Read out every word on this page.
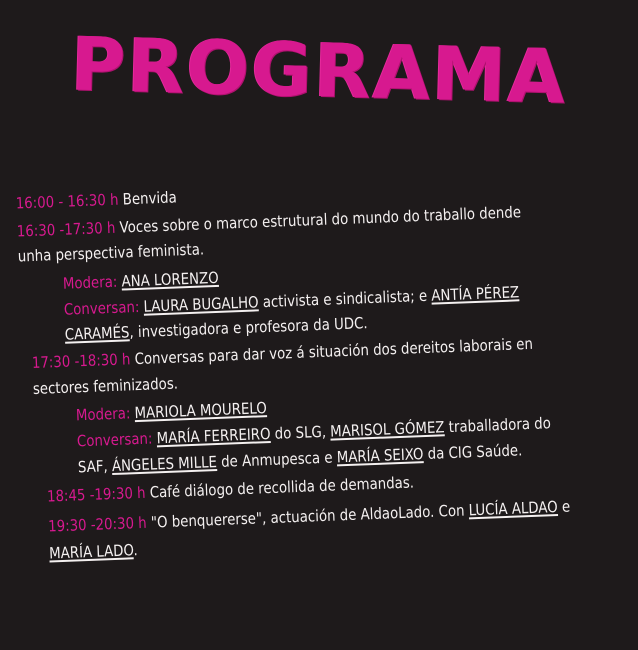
PROGRAMA
16:00 - 16:30 h Benvida
16:30 -17:30 h Voces sobre o marco estrutural do mundo do traballo dende
unha perspectiva feminista.
Modera: ANA LORENZO
Conversan: LAURA BUGALHO activista e sindicalista; e ANTÍA PÉREZ
CARAMÉS, investigadora e profesora da UDC.
17:30 -18:30 h Conversas para dar voz á situación dos dereitos laborais en
sectores feminizados.
Modera: MARIOLA MOURELO
Conversan: MARÍA FERREIRO do SLG, MARISOL GÓMEZ traballadora do
SAF, ÁNGELES MILLE de Anmupesca e MARÍA SEIXO da CIG Saúde.
18:45 -19:30 h Café diálogo de recollida de demandas.
19:30 -20:30 h "O benquererse", actuación de AldaoLado. Con LUCÍA ALDAO e
MARÍA LADO.
